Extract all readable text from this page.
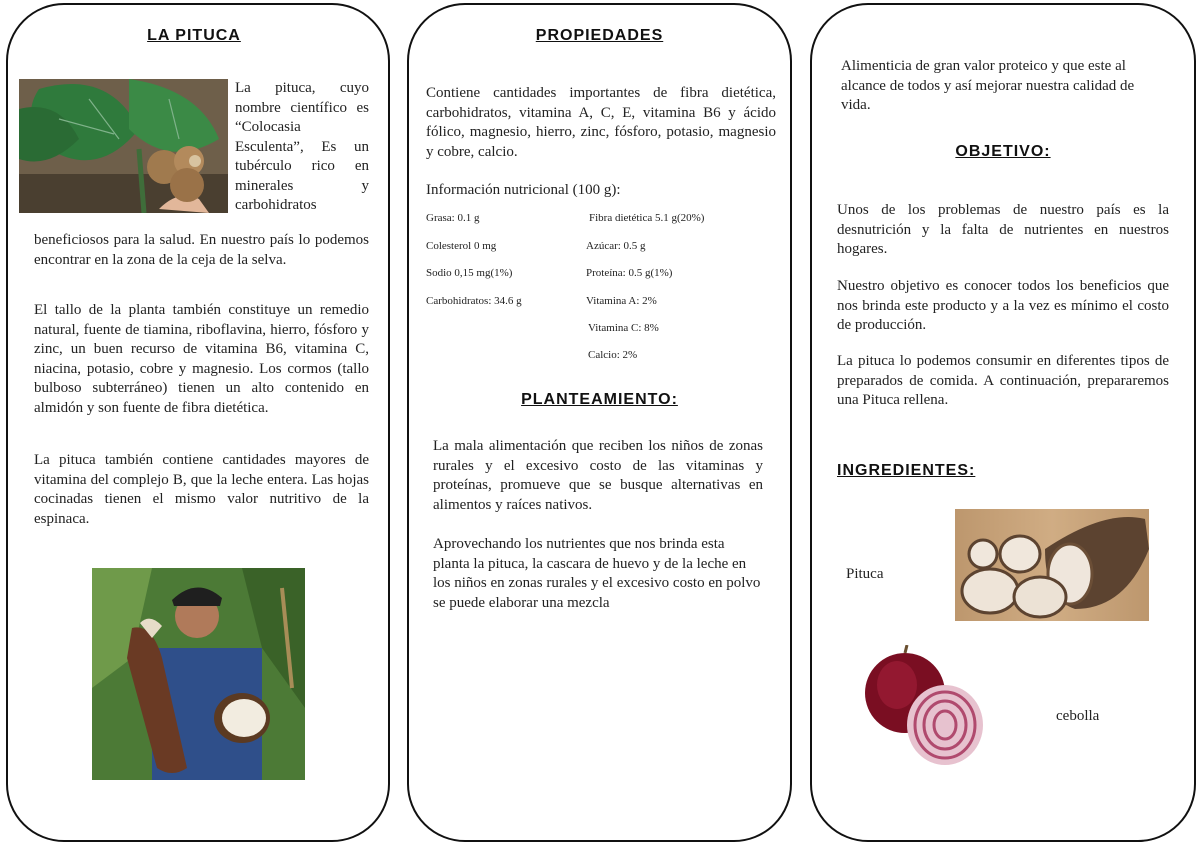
LA PITUCA

La pituca, cuyo nombre científico es “Colocasia Esculenta”, Es un tubérculo rico en minerales y carbohidratos

beneficiosos para la salud. En nuestro país lo podemos encontrar en la zona de la ceja de la selva.

El tallo de la planta también constituye un remedio natural, fuente de tiamina, riboflavina, hierro, fósforo y zinc, un buen recurso de vitamina B6, vitamina C, niacina, potasio, cobre y magnesio. Los cormos (tallo bulboso subterráneo) tienen un alto contenido en almidón y son fuente de fibra dietética.

La pituca también contiene cantidades mayores de vitamina del complejo B, que la leche entera. Las hojas cocinadas tienen el mismo valor nutritivo de la espinaca.

PROPIEDADES

Contiene cantidades importantes de fibra dietética, carbohidratos, vitamina A, C, E, vitamina B6 y ácido fólico, magnesio, hierro, zinc, fósforo, potasio, magnesio y cobre, calcio.

Información nutricional (100 g):

Grasa: 0.1 g

Colesterol 0 mg

Sodio 0,15 mg(1%)

Carbohidratos: 34.6 g

Fibra dietética 5.1 g(20%)

Azúcar: 0.5 g

Proteína: 0.5 g(1%)

Vitamina A: 2%

Vitamina C: 8%

Calcio: 2%

PLANTEAMIENTO:

La mala alimentación que reciben los niños de zonas rurales y el excesivo costo de las vitaminas y proteínas, promueve que se busque alternativas en alimentos y raíces nativos.

Aprovechando los nutrientes que nos brinda esta planta la pituca, la cascara de huevo y de la leche en los niños en zonas rurales y el excesivo costo en polvo se puede elaborar una mezcla

Alimenticia de gran valor proteico y que este al alcance de todos y así mejorar nuestra calidad de vida.

OBJETIVO:

Unos de los problemas de nuestro país es la desnutrición y la falta de nutrientes en nuestros hogares.

Nuestro objetivo es conocer todos los beneficios que nos brinda este producto y a la vez es mínimo el costo de producción.

La pituca lo podemos consumir en diferentes tipos de preparados de comida. A continuación, prepararemos una Pituca rellena.

INGREDIENTES:
Pituca
cebolla
